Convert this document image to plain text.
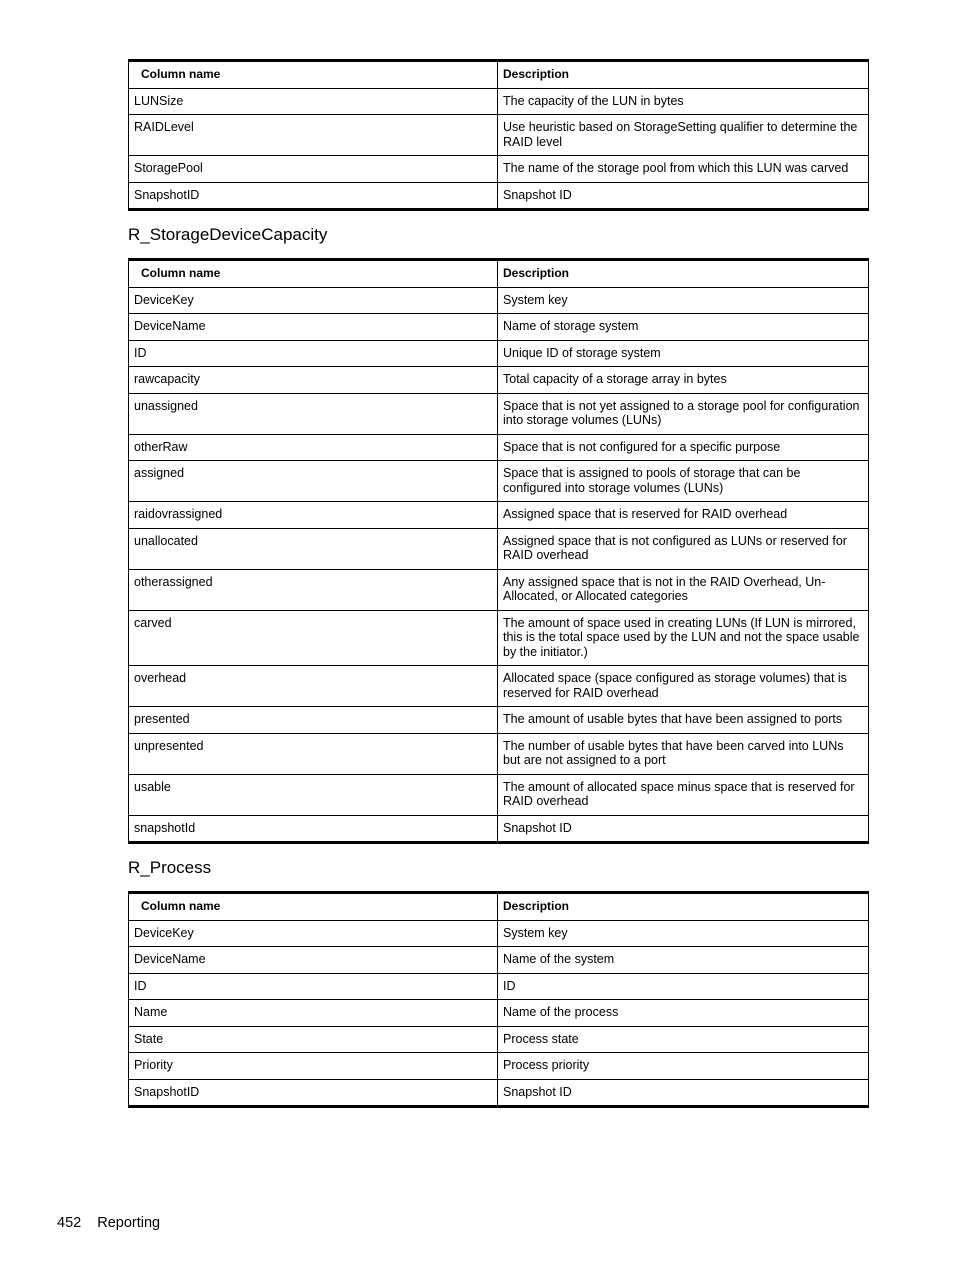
Column name	Description
LUNSize	The capacity of the LUN in bytes
RAIDLevel	Use heuristic based on StorageSetting qualifier to determine the RAID level
StoragePool	The name of the storage pool from which this LUN was carved
SnapshotID	Snapshot ID
R_StorageDeviceCapacity
Column name	Description
DeviceKey	System key
DeviceName	Name of storage system
ID	Unique ID of storage system
rawcapacity	Total capacity of a storage array in bytes
unassigned	Space that is not yet assigned to a storage pool for configuration into storage volumes (LUNs)
otherRaw	Space that is not configured for a specific purpose
assigned	Space that is assigned to pools of storage that can be configured into storage volumes (LUNs)
raidovrassigned	Assigned space that is reserved for RAID overhead
unallocated	Assigned space that is not configured as LUNs or reserved for RAID overhead
otherassigned	Any assigned space that is not in the RAID Overhead, Un-Allocated, or Allocated categories
carved	The amount of space used in creating LUNs (If LUN is mirrored, this is the total space used by the LUN and not the space usable by the initiator.)
overhead	Allocated space (space configured as storage volumes) that is reserved for RAID overhead
presented	The amount of usable bytes that have been assigned to ports
unpresented	The number of usable bytes that have been carved into LUNs but are not assigned to a port
usable	The amount of allocated space minus space that is reserved for RAID overhead
snapshotId	Snapshot ID
R_Process
Column name	Description
DeviceKey	System key
DeviceName	Name of the system
ID	ID
Name	Name of the process
State	Process state
Priority	Process priority
SnapshotID	Snapshot ID
452 Reporting
